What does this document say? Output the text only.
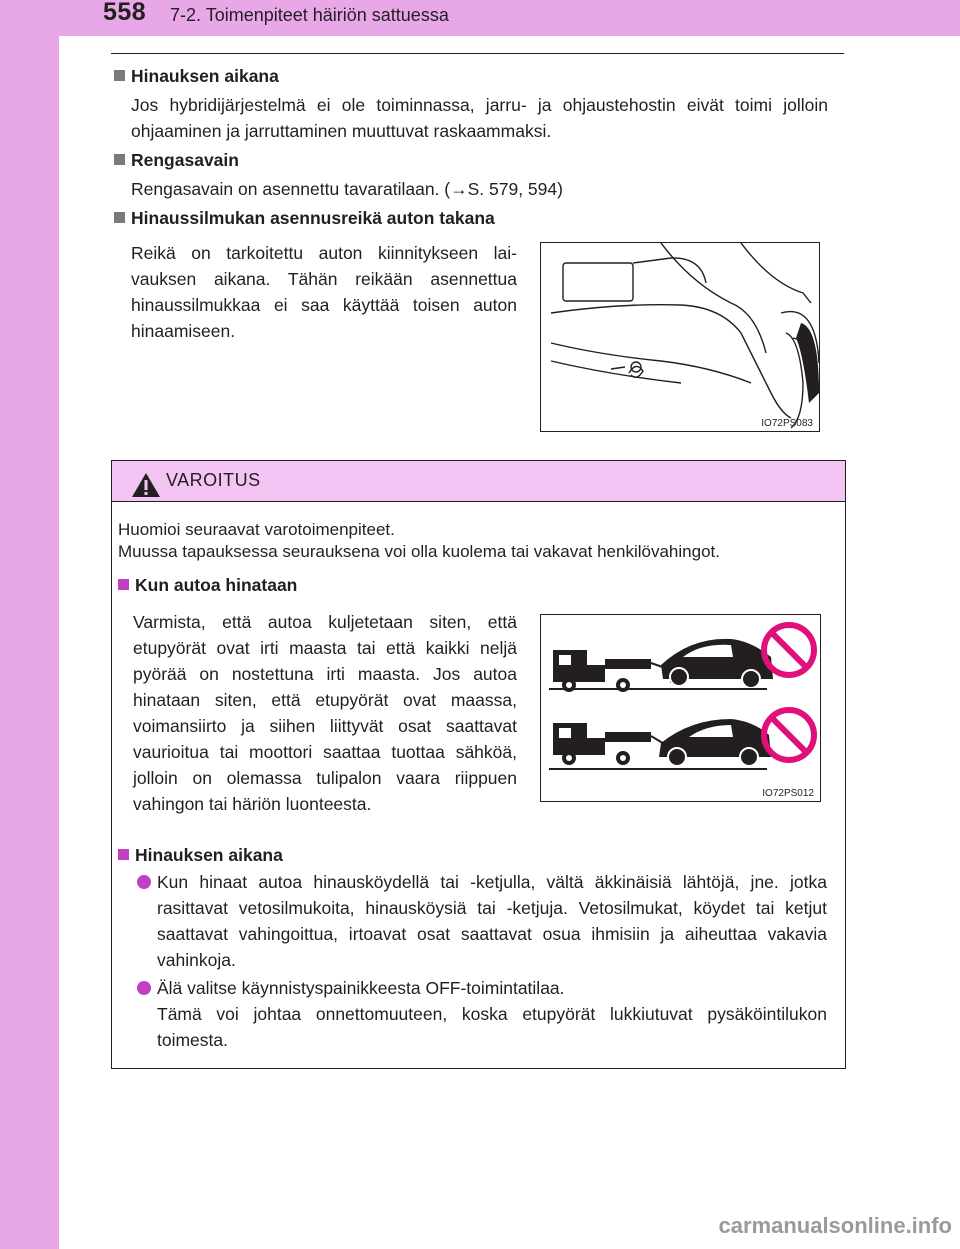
558 7-2. Toimenpiteet häiriön sattuessa
Hinauksen aikana
Jos hybridijärjestelmä ei ole toiminnassa, jarru- ja ohjaustehostin eivät toimi jolloin ohjaaminen ja jarruttaminen muuttuvat raskaammaksi.
Rengasavain
Rengasavain on asennettu tavaratilaan. (→S. 579, 594)
Hinaussilmukan asennusreikä auton takana
Reikä on tarkoitettu auton kiinnitykseen laivauksen aikana. Tähän reikään asennettua hinaussilmukkaa ei saa käyttää toisen auton hinaamiseen.
IO72PS083
VAROITUS
Huomioi seuraavat varotoimenpiteet.
Muussa tapauksessa seurauksena voi olla kuolema tai vakavat henkilövahingot.
Kun autoa hinataan
Varmista, että autoa kuljetetaan siten, että etupyörät ovat irti maasta tai että kaikki neljä pyörää on nostettuna irti maasta. Jos autoa hinataan siten, että etupyörät ovat maassa, voimansiirto ja siihen liittyvät osat saattavat vaurioitua tai moottori saattaa tuottaa sähköä, jolloin on olemassa tulipalon vaara riippuen vahingon tai häriön luonteesta.
IO72PS012
Hinauksen aikana
Kun hinaat autoa hinausköydellä tai -ketjulla, vältä äkkinäisiä lähtöjä, jne. jotka rasittavat vetosilmukoita, hinausköysiä tai -ketjuja. Vetosilmukat, köydet tai ketjut saattavat vahingoittua, irtoavat osat saattavat osua ihmisiin ja aiheuttaa vakavia vahinkoja.
Älä valitse käynnistyspainikkeesta OFF-toimintatilaa.
Tämä voi johtaa onnettomuuteen, koska etupyörät lukkiutuvat pysäköintilukon toimesta.
carmanualsonline.info
